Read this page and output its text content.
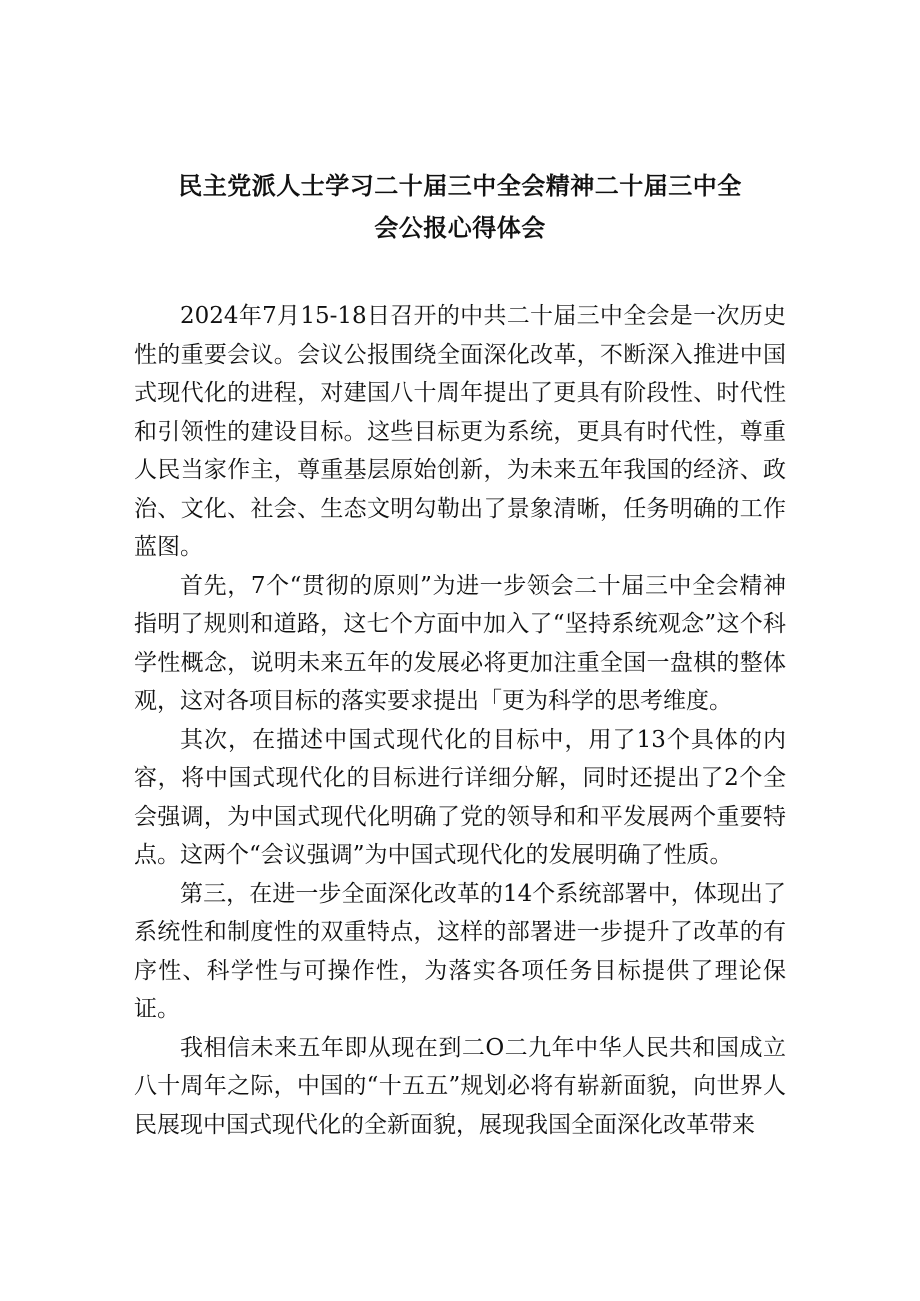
民主党派人士学习二十届三中全会精神二十届三中全
会公报心得体会

2024年7月15-18日召开的中共二十届三中全会是一次历史性的重要会议。会议公报围绕全面深化改革，不断深入推进中国式现代化的进程，对建国八十周年提出了更具有阶段性、时代性和引领性的建设目标。这些目标更为系统，更具有时代性，尊重人民当家作主，尊重基层原始创新，为未来五年我国的经济、政治、文化、社会、生态文明勾勒出了景象清晰，任务明确的工作蓝图。

首先，7个“贯彻的原则”为进一步领会二十届三中全会精神指明了规则和道路，这七个方面中加入了“坚持系统观念”这个科学性概念，说明未来五年的发展必将更加注重全国一盘棋的整体观，这对各项目标的落实要求提出「更为科学的思考维度。

其次，在描述中国式现代化的目标中，用了13个具体的内容，将中国式现代化的目标进行详细分解，同时还提出了2个全会强调，为中国式现代化明确了党的领导和和平发展两个重要特点。这两个“会议强调”为中国式现代化的发展明确了性质。

第三，在进一步全面深化改革的14个系统部署中，体现出了系统性和制度性的双重特点，这样的部署进一步提升了改革的有序性、科学性与可操作性，为落实各项任务目标提供了理论保证。

我相信未来五年即从现在到二O二九年中华人民共和国成立八十周年之际，中国的“十五五”规划必将有崭新面貌，向世界人民展现中国式现代化的全新面貌，展现我国全面深化改革带来
